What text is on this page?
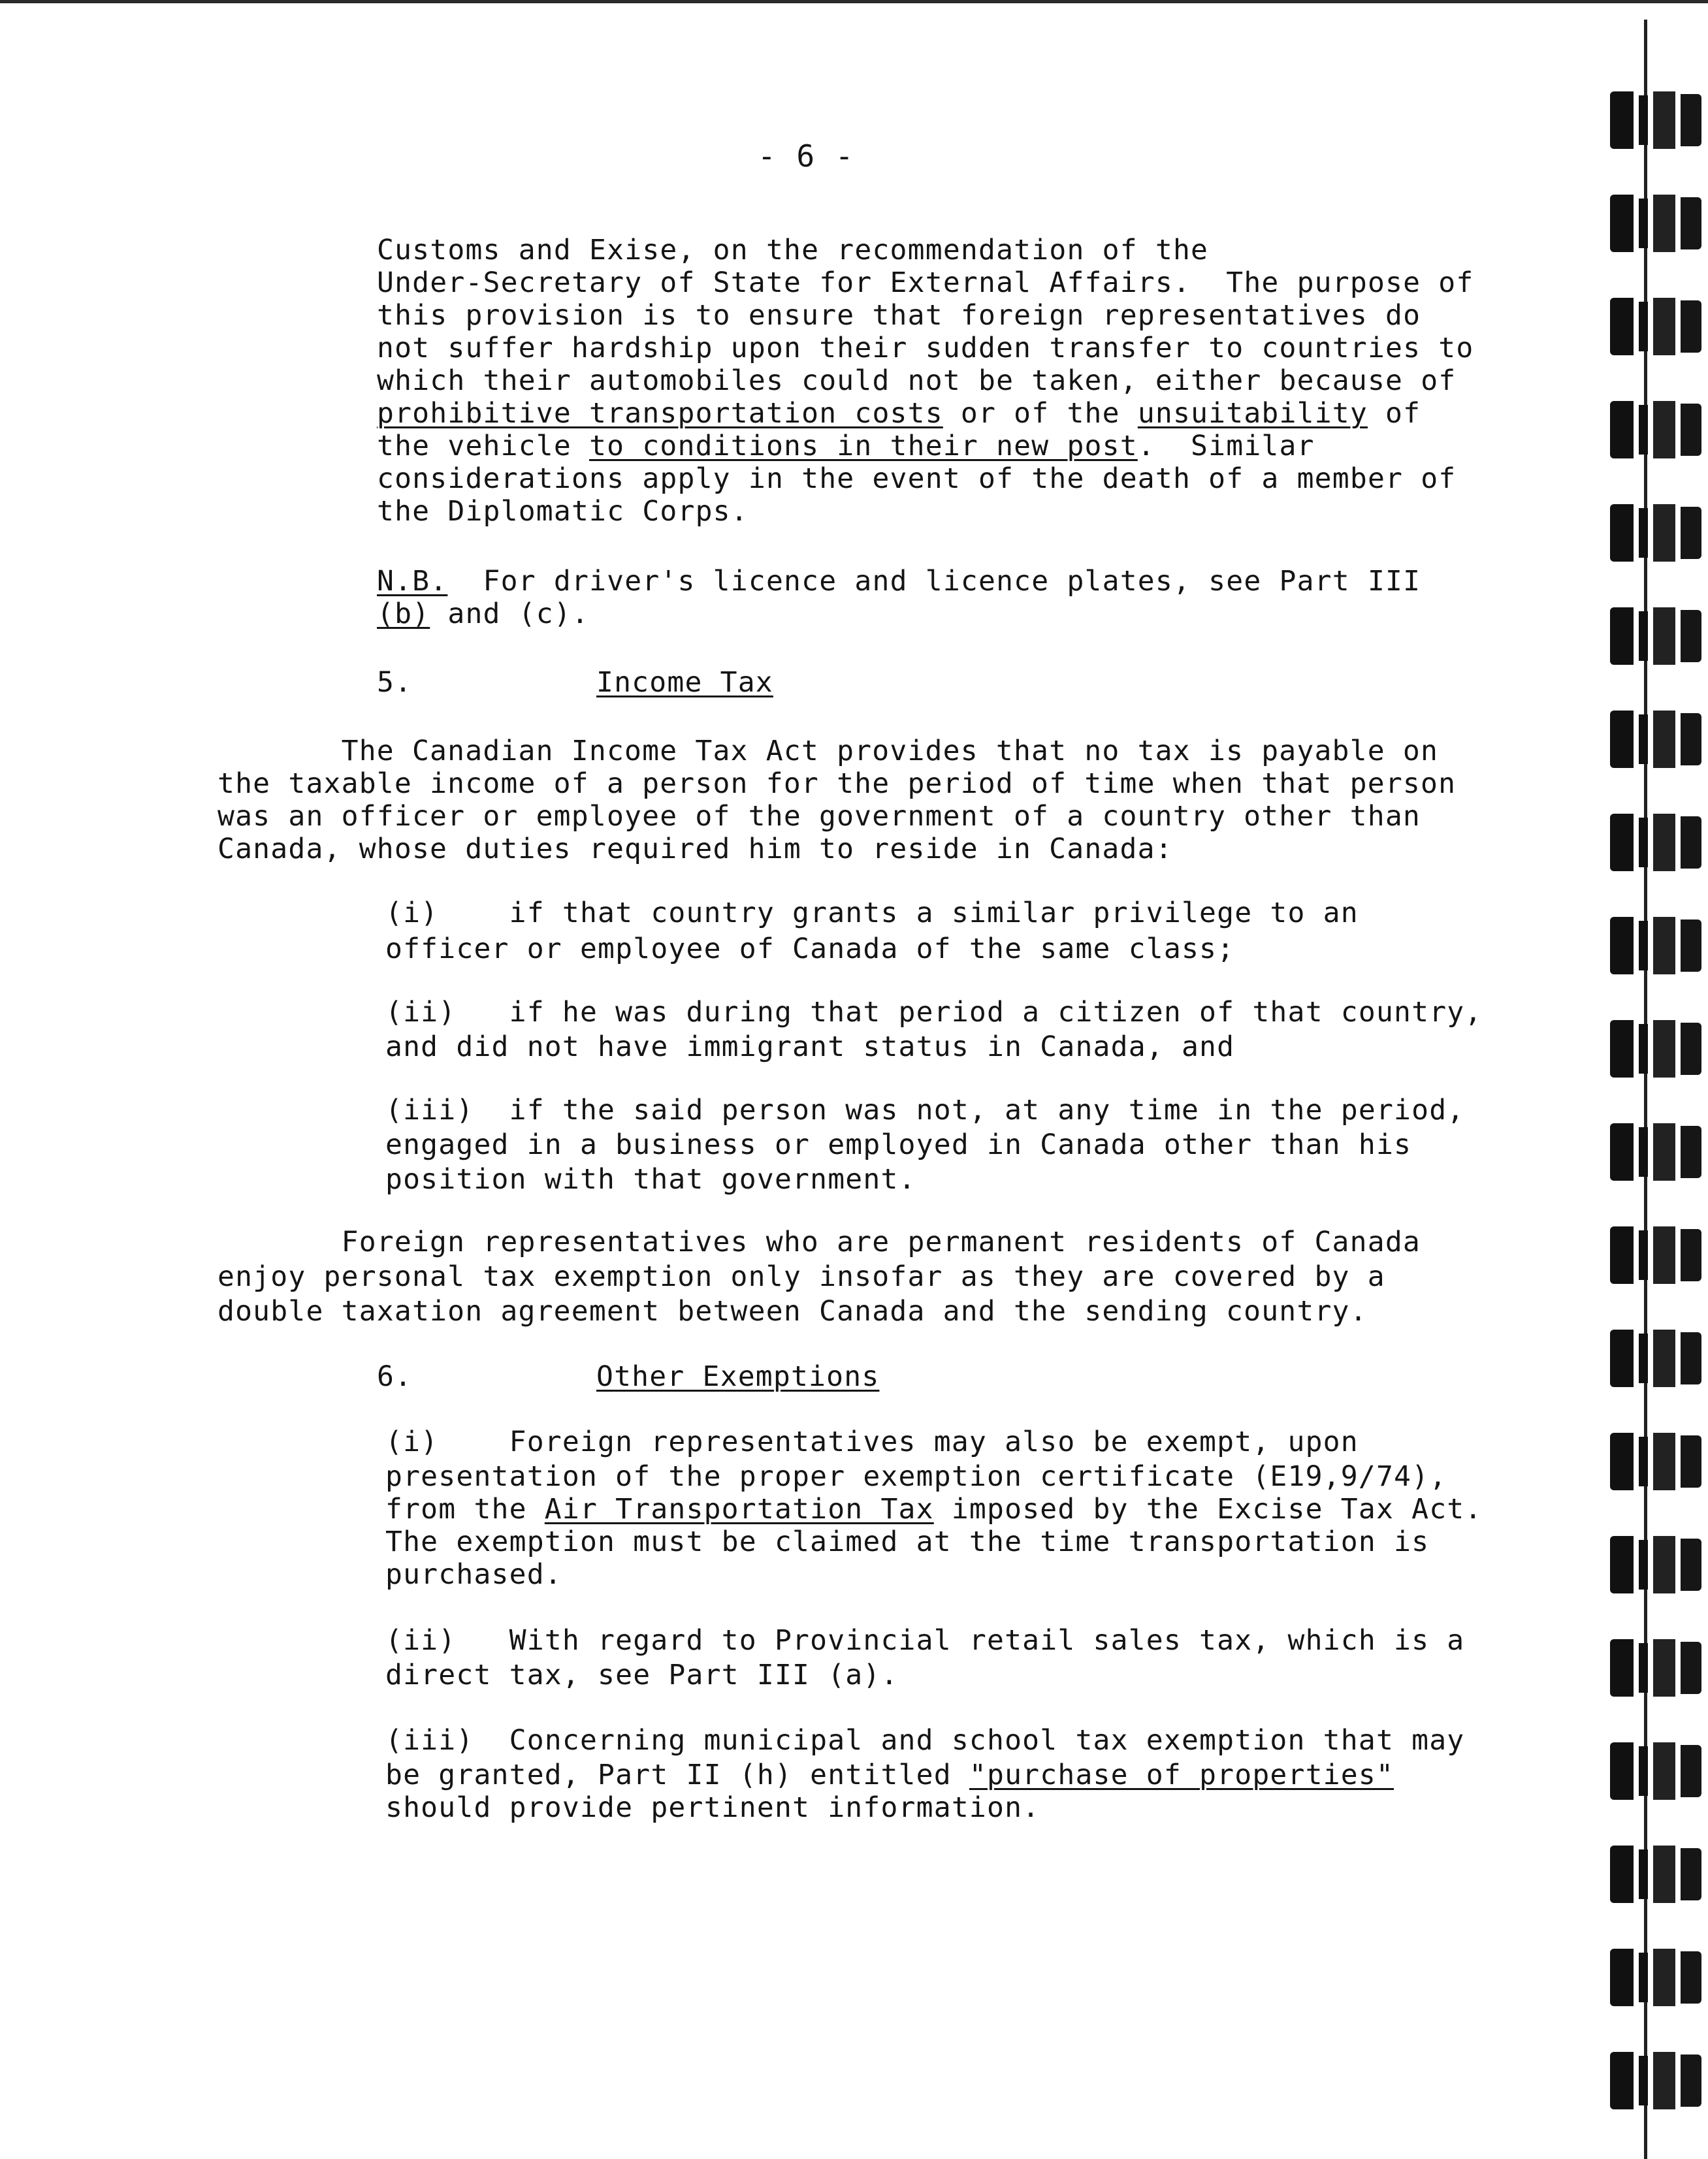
- 6 -
Customs and Exise, on the recommendation of the
Under-Secretary of State for External Affairs.  The purpose of
this provision is to ensure that foreign representatives do
not suffer hardship upon their sudden transfer to countries to
which their automobiles could not be taken, either because of
prohibitive transportation costs or of the unsuitability of
the vehicle to conditions in their new post.  Similar
considerations apply in the event of the death of a member of
the Diplomatic Corps.
N.B.  For driver's licence and licence plates, see Part III
(b) and (c).
5.	Income Tax
The Canadian Income Tax Act provides that no tax is payable on
the taxable income of a person for the period of time when that person
was an officer or employee of the government of a country other than
Canada, whose duties required him to reside in Canada:
(i)    if that country grants a similar privilege to an
officer or employee of Canada of the same class;
(ii)   if he was during that period a citizen of that country,
and did not have immigrant status in Canada, and
(iii)  if the said person was not, at any time in the period,
engaged in a business or employed in Canada other than his
position with that government.
Foreign representatives who are permanent residents of Canada
enjoy personal tax exemption only insofar as they are covered by a
double taxation agreement between Canada and the sending country.
6.	Other Exemptions
(i)    Foreign representatives may also be exempt, upon
presentation of the proper exemption certificate (E19,9/74),
from the Air Transportation Tax imposed by the Excise Tax Act.
The exemption must be claimed at the time transportation is
purchased.
(ii)   With regard to Provincial retail sales tax, which is a
direct tax, see Part III (a).
(iii)  Concerning municipal and school tax exemption that may
be granted, Part II (h) entitled "purchase of properties"
should provide pertinent information.
